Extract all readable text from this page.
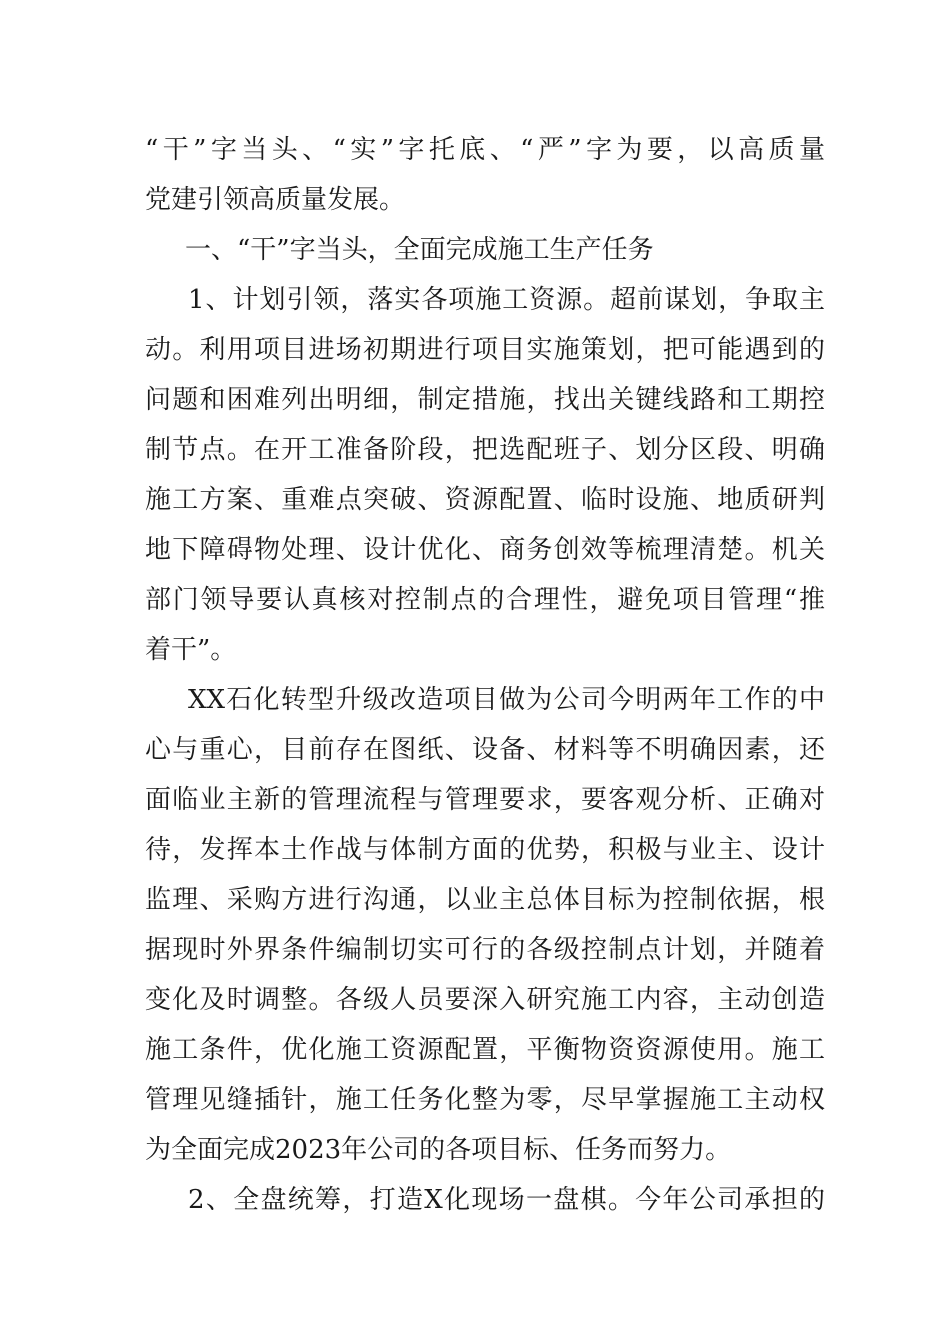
“干”字当头、“实”字托底、“严”字为要，以高质量
党建引领高质量发展。
一、“干”字当头，全面完成施工生产任务
1、计划引领，落实各项施工资源。超前谋划，争取主
动。利用项目进场初期进行项目实施策划，把可能遇到的
问题和困难列出明细，制定措施，找出关键线路和工期控
制节点。在开工准备阶段，把选配班子、划分区段、明确
施工方案、重难点突破、资源配置、临时设施、地质研判
地下障碍物处理、设计优化、商务创效等梳理清楚。机关
部门领导要认真核对控制点的合理性，避免项目管理“推
着干”。
XX石化转型升级改造项目做为公司今明两年工作的中
心与重心，目前存在图纸、设备、材料等不明确因素，还
面临业主新的管理流程与管理要求，要客观分析、正确对
待，发挥本土作战与体制方面的优势，积极与业主、设计
监理、采购方进行沟通，以业主总体目标为控制依据，根
据现时外界条件编制切实可行的各级控制点计划，并随着
变化及时调整。各级人员要深入研究施工内容，主动创造
施工条件，优化施工资源配置，平衡物资资源使用。施工
管理见缝插针，施工任务化整为零，尽早掌握施工主动权
为全面完成2023年公司的各项目标、任务而努力。
2、全盘统筹，打造X化现场一盘棋。今年公司承担的
